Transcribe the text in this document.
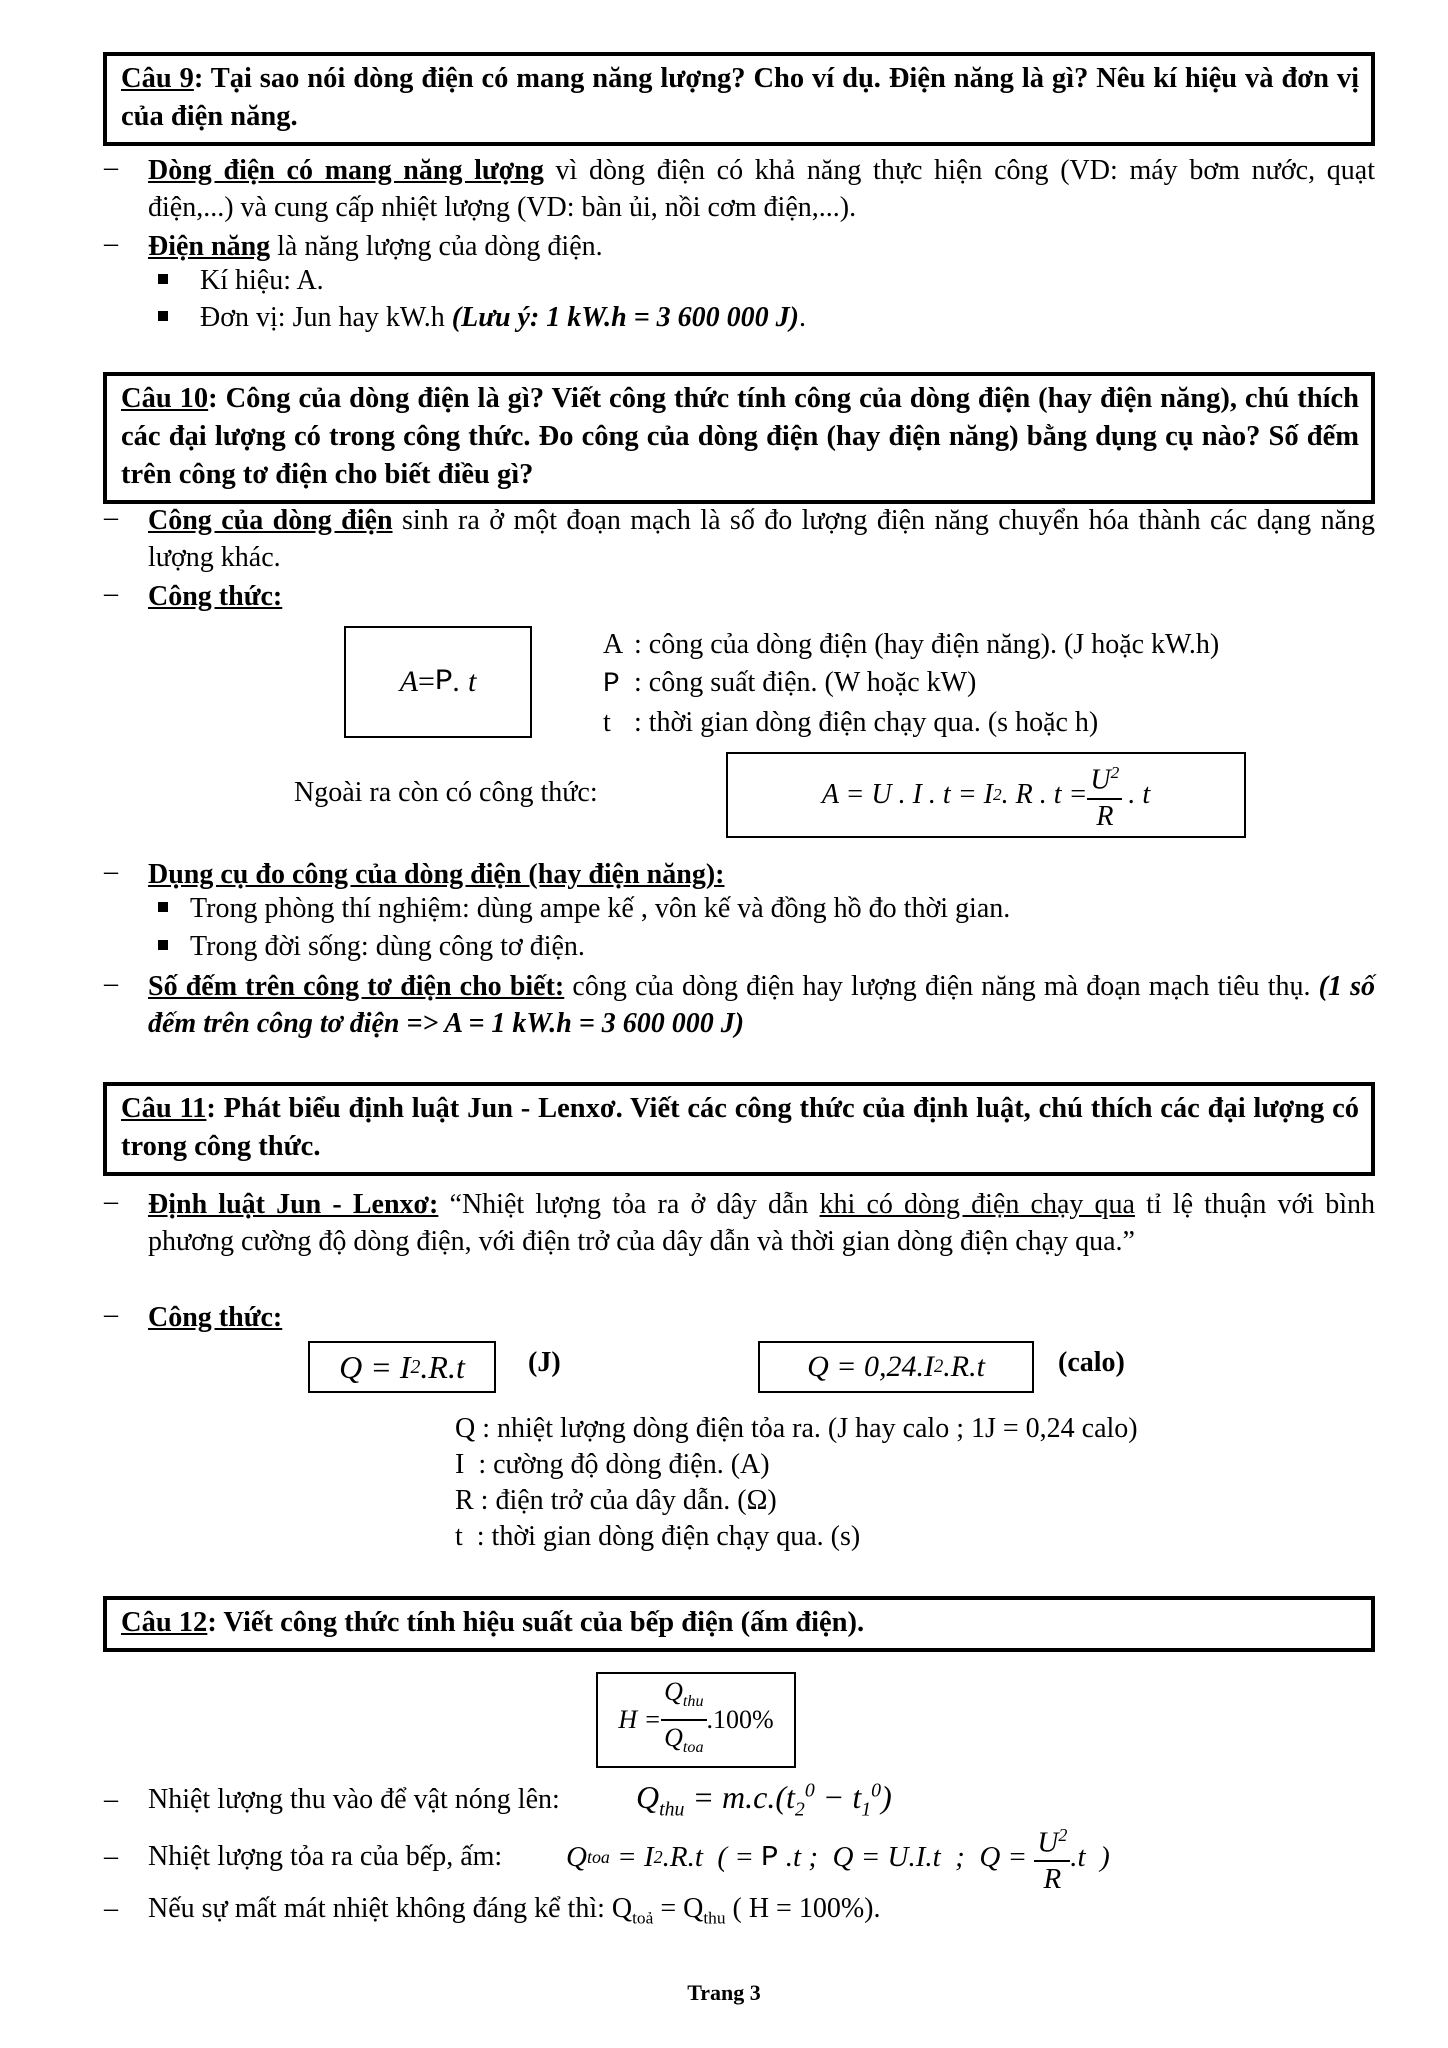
Câu 9: Tại sao nói dòng điện có mang năng lượng? Cho ví dụ. Điện năng là gì? Nêu kí hiệu và đơn vị của điện năng.
– Dòng điện có mang năng lượng vì dòng điện có khả năng thực hiện công (VD: máy bơm nước, quạt điện,...) và cung cấp nhiệt lượng (VD: bàn ủi, nồi cơm điện,...).
– Điện năng là năng lượng của dòng điện.
Kí hiệu: A.
Đơn vị: Jun hay kW.h (Lưu ý: 1 kW.h = 3 600 000 J).
Câu 10: Công của dòng điện là gì? Viết công thức tính công của dòng điện (hay điện năng), chú thích các đại lượng có trong công thức. Đo công của dòng điện (hay điện năng) bằng dụng cụ nào? Số đếm trên công tơ điện cho biết điều gì?
– Công của dòng điện sinh ra ở một đoạn mạch là số đo lượng điện năng chuyển hóa thành các dạng năng lượng khác.
– Công thức:
A = P . t
A : công của dòng điện (hay điện năng). (J hoặc kW.h)
P : công suất điện. (W hoặc kW)
t : thời gian dòng điện chạy qua. (s hoặc h)
Ngoài ra còn có công thức:	A = U . I . t = I 2 . R . $t = \frac{U^2}{R}$ . t
– Dụng cụ đo công của dòng điện (hay điện năng):
Trong phòng thí nghiệm: dùng ampe kế , vôn kế và đồng hồ đo thời gian.
Trong đời sống: dùng công tơ điện.
– Số đếm trên công tơ điện cho biết: công của dòng điện hay lượng điện năng mà đoạn mạch tiêu thụ. (1 số đếm trên công tơ điện => A = 1 kW.h = 3 600 000 J)
Câu 11: Phát biểu định luật Jun - Lenxơ. Viết các công thức của định luật, chú thích các đại lượng có trong công thức.
– Định luật Jun - Lenxơ: “Nhiệt lượng tỏa ra ở dây dẫn khi có dòng điện chạy qua tỉ lệ thuận với bình phương cường độ dòng điện, với điện trở của dây dẫn và thời gian dòng điện chạy qua.”
– Công thức:
Q = I 2 .R.t (J)	Q = 0,24.I 2 .R.t	(calo)
Q : nhiệt lượng dòng điện tỏa ra. (J hay calo ; 1J = 0,24 calo)
I  : cường độ dòng điện. (A)
R : điện trở của dây dẫn. (Ω)
t  : thời gian dòng điện chạy qua. (s)
Câu 12: Viết công thức tính hiệu suất của bếp điện (ấm điện).
$H = \frac{Q_{thu}}{Q_{toa}} .100\%$
– Nhiệt lượng thu vào để vật nóng lên: $Q_{thu} = m.c.(t_2^0 - t_1^0)$
– Nhiệt lượng tỏa ra của bếp, ấm: Q toa = I 2 .R.t  ( = P .t ;  Q = U.I.t  ;  $Q = \frac{U^2}{R} .t$  )
– Nếu sự mất mát nhiệt không đáng kể thì: $Q_{toả} = Q_{thu}$ ( H = 100%).
Trang 3
